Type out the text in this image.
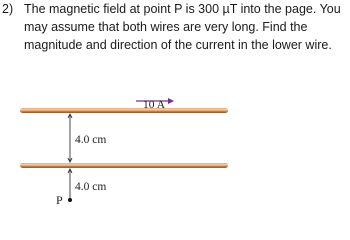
2) The magnetic field at point P is 300 µT into the page. You may assume that both wires are very long. Find the magnitude and direction of the current in the lower wire.
10 A
4.0 cm
4.0 cm
P
